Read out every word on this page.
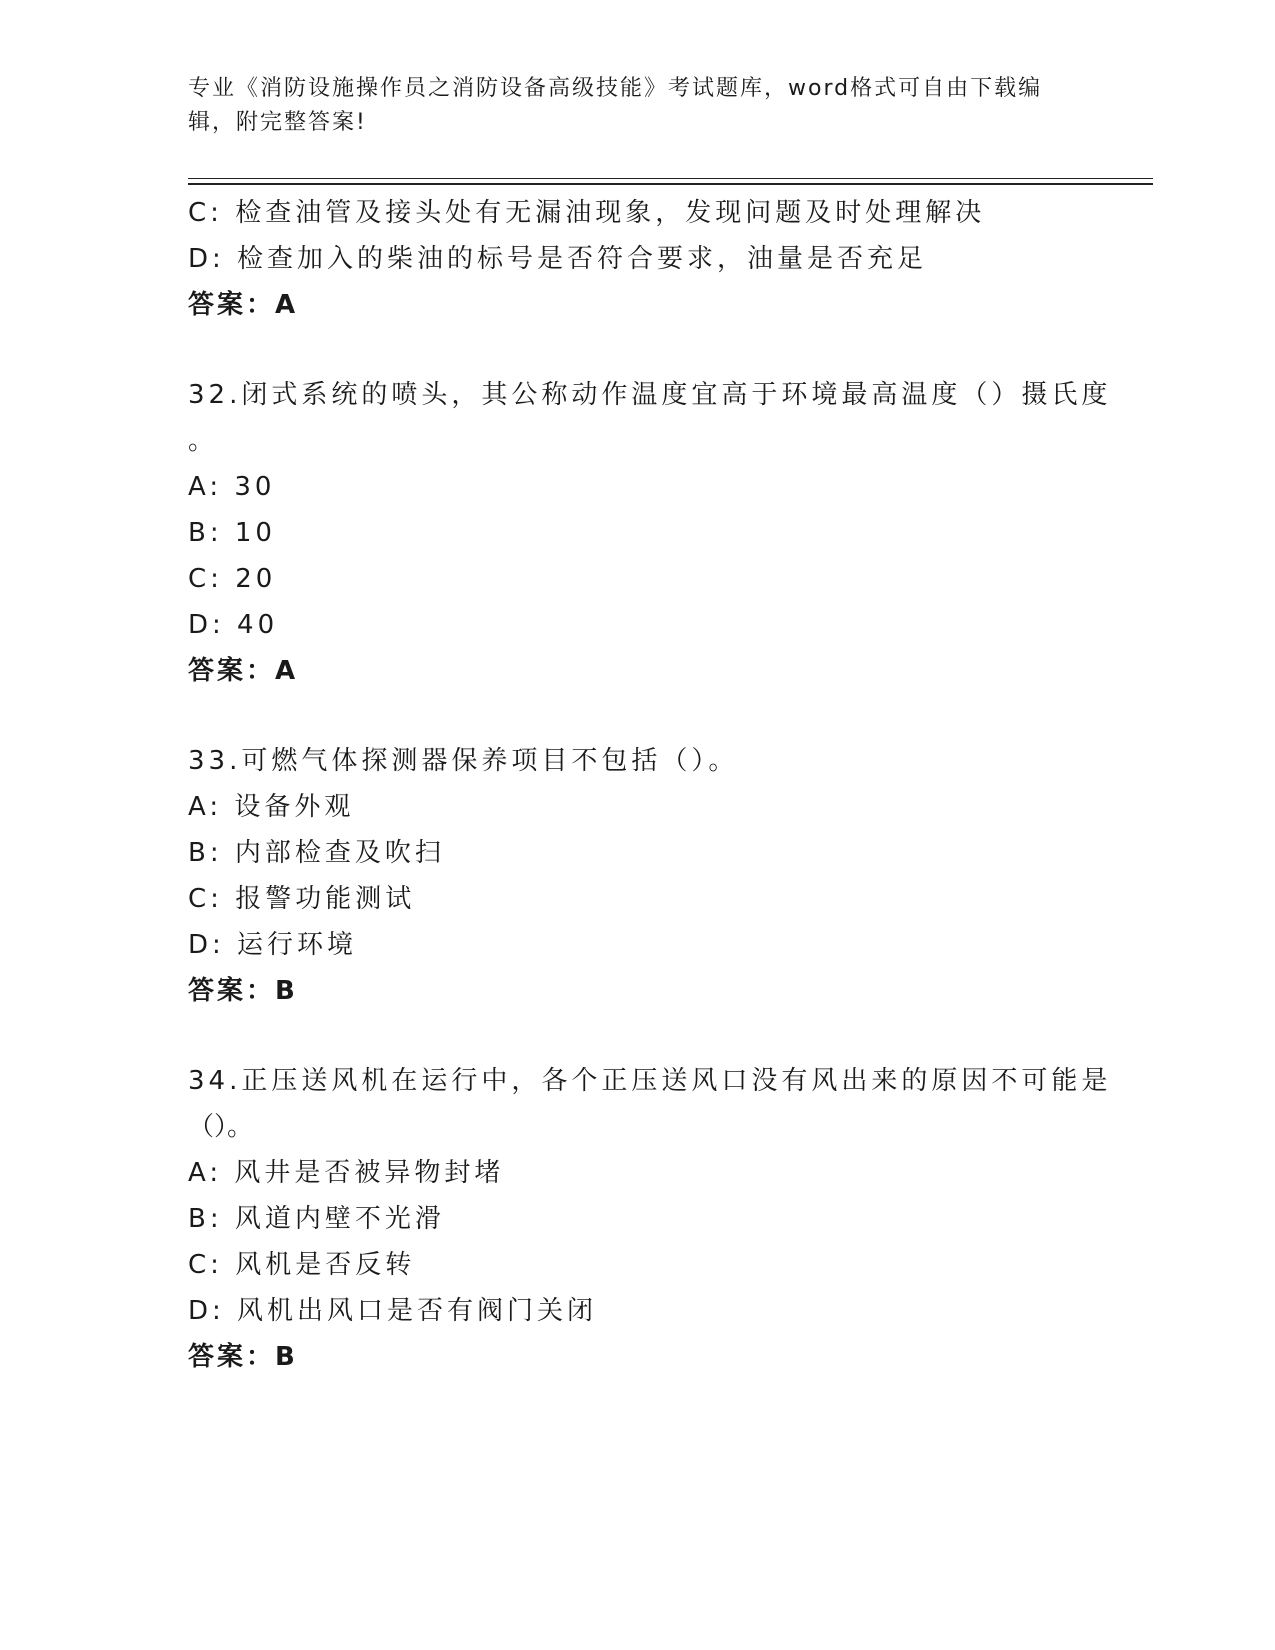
专业《消防设施操作员之消防设备高级技能》考试题库，word格式可自由下载编
辑，附完整答案!
C: 检查油管及接头处有无漏油现象，发现问题及时处理解决
D: 检查加入的柴油的标号是否符合要求，油量是否充足
答案：A
32.闭式系统的喷头，其公称动作温度宜高于环境最高温度（）摄氏度
。
A: 30
B: 10
C: 20
D: 40
答案：A
33.可燃气体探测器保养项目不包括（）。
A: 设备外观
B: 内部检查及吹扫
C: 报警功能测试
D: 运行环境
答案：B
34.正压送风机在运行中，各个正压送风口没有风出来的原因不可能是
（）。
A: 风井是否被异物封堵
B: 风道内壁不光滑
C: 风机是否反转
D: 风机出风口是否有阀门关闭
答案：B
